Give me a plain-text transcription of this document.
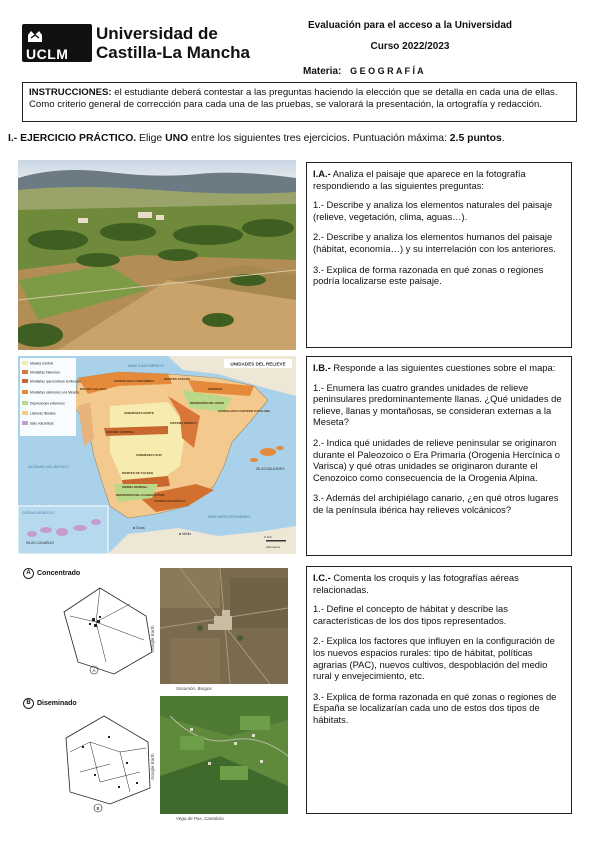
UCLM
Universidad de
Castilla-La Mancha
Evaluación para el acceso a la Universidad
Curso 2022/2023
Materia: G E O G R A F Í A
INSTRUCCIONES: el estudiante deberá contestar a las preguntas haciendo la elección que se detalla en cada una de ellas. Como criterio general de corrección para cada una de las pruebas, se valorará la presentación, la ortografía y redacción.
I.- EJERCICIO PRÁCTICO. Elige UNO entre los siguientes tres ejercicios. Puntuación máxima: 2.5 puntos.

I.A.- Analiza el paisaje que aparece en la fotografía respondiendo a las siguientes preguntas:

1.- Describe y analiza los elementos naturales del paisaje (relieve, vegetación, clima, aguas…).

2.- Describe y analiza los elementos humanos del paisaje (hábitat, economía…) y su interrelación con los anteriores.

3.- Explica de forma razonada en qué zonas o regiones podría localizarse este paisaje.

Meseta Central
Montañas interiores
Montañas que bordean la Meseta
Montañas exteriores a la Meseta
Depresiones exteriores
Llanuras litorales
Islas volcánicas
UNIDADES DEL RELIEVE
MAR CANTÁBRICO
OCÉANO ATLÁNTICO
MAR MEDITERRÁNEO
OCÉANO ATLÁNTICO
ISLAS CANARIAS
ISLAS BALEARES
MACIZO GALAICO
CORDILLERA CANTÁBRICA	MONTES VASCOS
PIRINEOS
DEPRESIÓN DEL EBRO
SISTEMA IBÉRICO
SISTEMA CENTRAL
SUBMESETA NORTE
SUBMESETA SUR
MONTES DE TOLEDO
SIERRA MORENA
DEPRESIÓN DEL GUADALQUIVIR
CORDILLERA BÉTICA
CORDILLERA COSTERO CATALANA
Ceuta
Melilla
0 100
Kilómetros

I.B.- Responde a las siguientes cuestiones sobre el mapa:

1.- Enumera las cuatro grandes unidades de relieve peninsulares predominantemente llanas. ¿Qué unidades de relieve, llanas y montañosas, se consideran externas a la Meseta?

2.- Indica qué unidades de relieve peninsular se originaron durante el Paleozoico o Era Primaria (Orogenia Hercínica o Varisca) y qué otras unidades se originaron durante el Cenozoico como consecuencia de la Orogenia Alpina.

3.- Además del archipiélago canario, ¿en qué otros lugares de la península ibérica hay relieves volcánicos?

A Concentrado
A
Sasamón, Burgos
Google Earth
B Diseminado
B
Vega de Pas, Cantabria
Google Earth

I.C.- Comenta los croquis y las fotografías aéreas relacionadas.

1.- Define el concepto de hábitat y describe las características de los dos tipos representados.

2.- Explica los factores que influyen en la configuración de los nuevos espacios rurales: tipo de hábitat, políticas agrarias (PAC), nuevos cultivos, despoblación del medio rural y envejecimiento, etc.

3.- Explica de forma razonada en qué zonas o regiones de España se localizarían cada uno de estos dos tipos de hábitats.
